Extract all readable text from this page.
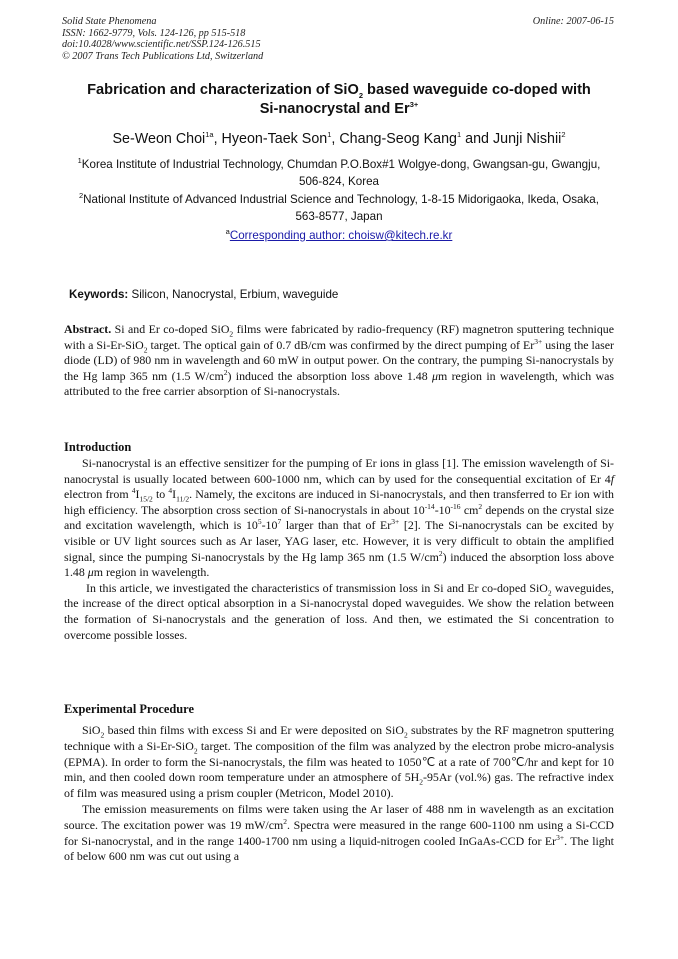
Solid State Phenomena
ISSN: 1662-9779, Vols. 124-126, pp 515-518
doi:10.4028/www.scientific.net/SSP.124-126.515
© 2007 Trans Tech Publications Ltd, Switzerland
Online: 2007-06-15
Fabrication and characterization of SiO$_2$ based waveguide co-doped with
Si-nanocrystal and $Er^{3+}$
Se-Weon Choi$^{1a}$, Hyeon-Taek Son$^1$, Chang-Seog Kang$^1$ and Junji Nishii$^2$
$^1$Korea Institute of Industrial Technology, Chumdan P.O.Box#1 Wolgye-dong, Gwangsan-gu, Gwangju, 506-824, Korea
$^2$National Institute of Advanced Industrial Science and Technology, 1-8-15 Midorigaoka, Ikeda, Osaka, 563-8577, Japan
$^a$Corresponding author: choisw@kitech.re.kr
Keywords: Silicon, Nanocrystal, Erbium, waveguide

Abstract. Si and Er co-doped SiO$_2$ films were fabricated by radio-frequency (RF) magnetron sputtering technique with a Si-Er-SiO$_2$ target. The optical gain of 0.7 dB/cm was confirmed by the direct pumping of $Er^{3+}$ using the laser diode (LD) of 980 nm in wavelength and 60 mW in output power. On the contrary, the pumping Si-nanocrystals by the Hg lamp 365 nm (1.5 $W/cm^2$) induced the absorption loss above 1.48 μm region in wavelength, which was attributed to the free carrier absorption of Si-nanocrystals.

Introduction

Si-nanocrystal is an effective sensitizer for the pumping of Er ions in glass [1]. The emission wavelength of Si-nanocrystal is usually located between 600-1000 nm, which can by used for the consequential excitation of Er 4f electron from $^4I_{15/2}$ to $^4I_{11/2}$. Namely, the excitons are induced in Si-nanocrystals, and then transferred to Er ion with high efficiency. The absorption cross section of Si-nanocrystals in about $10^{-14}-10^{-16}$ $cm^2$ depends on the crystal size and excitation wavelength, which is $10^5-10^7$ larger than that of $Er^{3+}$ [2]. The Si-nanocrystals can be excited by visible or UV light sources such as Ar laser, YAG laser, etc. However, it is very difficult to obtain the amplified signal, since the pumping Si-nanocrystals by the Hg lamp 365 nm (1.5 $W/cm^2$) induced the absorption loss above 1.48 μm region in wavelength.

In this article, we investigated the characteristics of transmission loss in Si and Er co-doped SiO$_2$ waveguides, the increase of the direct optical absorption in a Si-nanocrystal doped waveguides. We show the relation between the formation of Si-nanocrystals and the generation of loss. And then, we estimated the Si concentration to overcome possible losses.

Experimental Procedure

SiO$_2$ based thin films with excess Si and Er were deposited on SiO$_2$ substrates by the RF magnetron sputtering technique with a Si-Er-SiO$_2$ target. The composition of the film was analyzed by the electron probe micro-analysis (EPMA). In order to form the Si-nanocrystals, the film was heated to 1050℃ at a rate of 700℃/hr and kept for 10 min, and then cooled down room temperature under an atmosphere of $5H_2-95Ar$ (vol.%) gas. The refractive index of film was measured using a prism coupler (Metricon, Model 2010).

The emission measurements on films were taken using the Ar laser of 488 nm in wavelength as an excitation source. The excitation power was 19 $mW/cm^2$. Spectra were measured in the range 600-1100 nm using a Si-CCD for Si-nanocrystal, and in the range 1400-1700 nm using a liquid-nitrogen cooled InGaAs-CCD for $Er^{3+}$. The light of below 600 nm was cut out using a
